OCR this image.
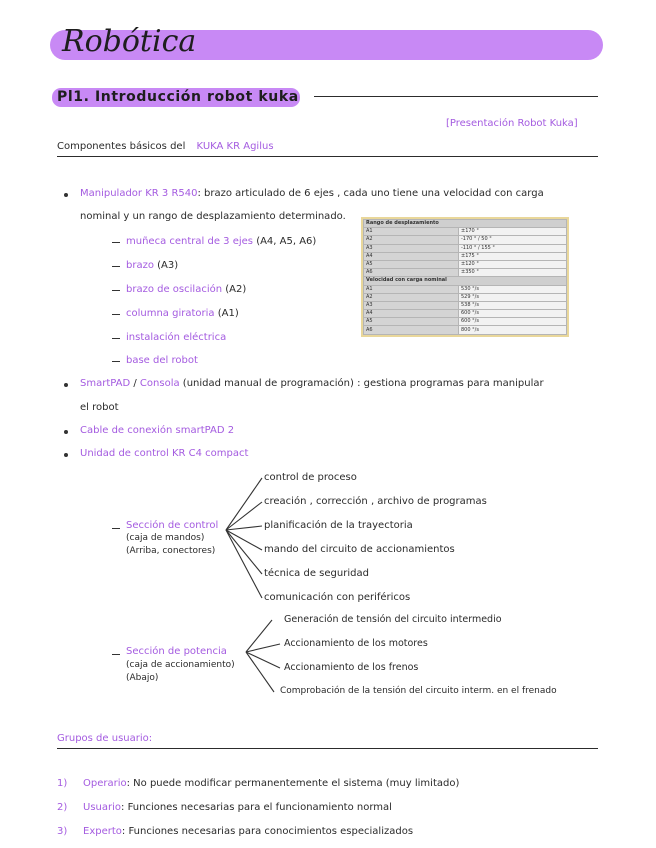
Robótica
Pl1. Introducción robot kuka
[Presentación Robot Kuka]
Componentes básicos del KUKA KR Agilus
Manipulador KR 3 R540: brazo articulado de 6 ejes , cada uno tiene una velocidad con carga
nominal y un rango de desplazamiento determinado.
muñeca central de 3 ejes (A4, A5, A6)
brazo (A3)
brazo de oscilación (A2)
columna giratoria (A1)
instalación eléctrica
base del robot
Rango de desplazamiento	
A1	±170 °
A2	-170 ° / 50 °
A3	-110 ° / 155 °
A4	±175 °
A5	±120 °
A6	±350 °
Velocidad con carga nominal	
A1	530 °/s
A2	529 °/s
A3	538 °/s
A4	600 °/s
A5	600 °/s
A6	800 °/s
SmartPAD / Consola (unidad manual de programación) : gestiona programas para manipular
el robot
Cable de conexión smartPAD 2
Unidad de control KR C4 compact
Sección de control
(caja de mandos)
(Arriba, conectores)
control de proceso
creación , corrección , archivo de programas
planificación de la trayectoria
mando del circuito de accionamientos
técnica de seguridad
comunicación con periféricos
Sección de potencia
(caja de accionamiento)
(Abajo)
Generación de tensión del circuito intermedio
Accionamiento de los motores
Accionamiento de los frenos
Comprobación de la tensión del circuito interm. en el frenado
Grupos de usuario:
1) Operario: No puede modificar permanentemente el sistema (muy limitado)
2) Usuario: Funciones necesarias para el funcionamiento normal
3) Experto: Funciones necesarias para conocimientos especializados
